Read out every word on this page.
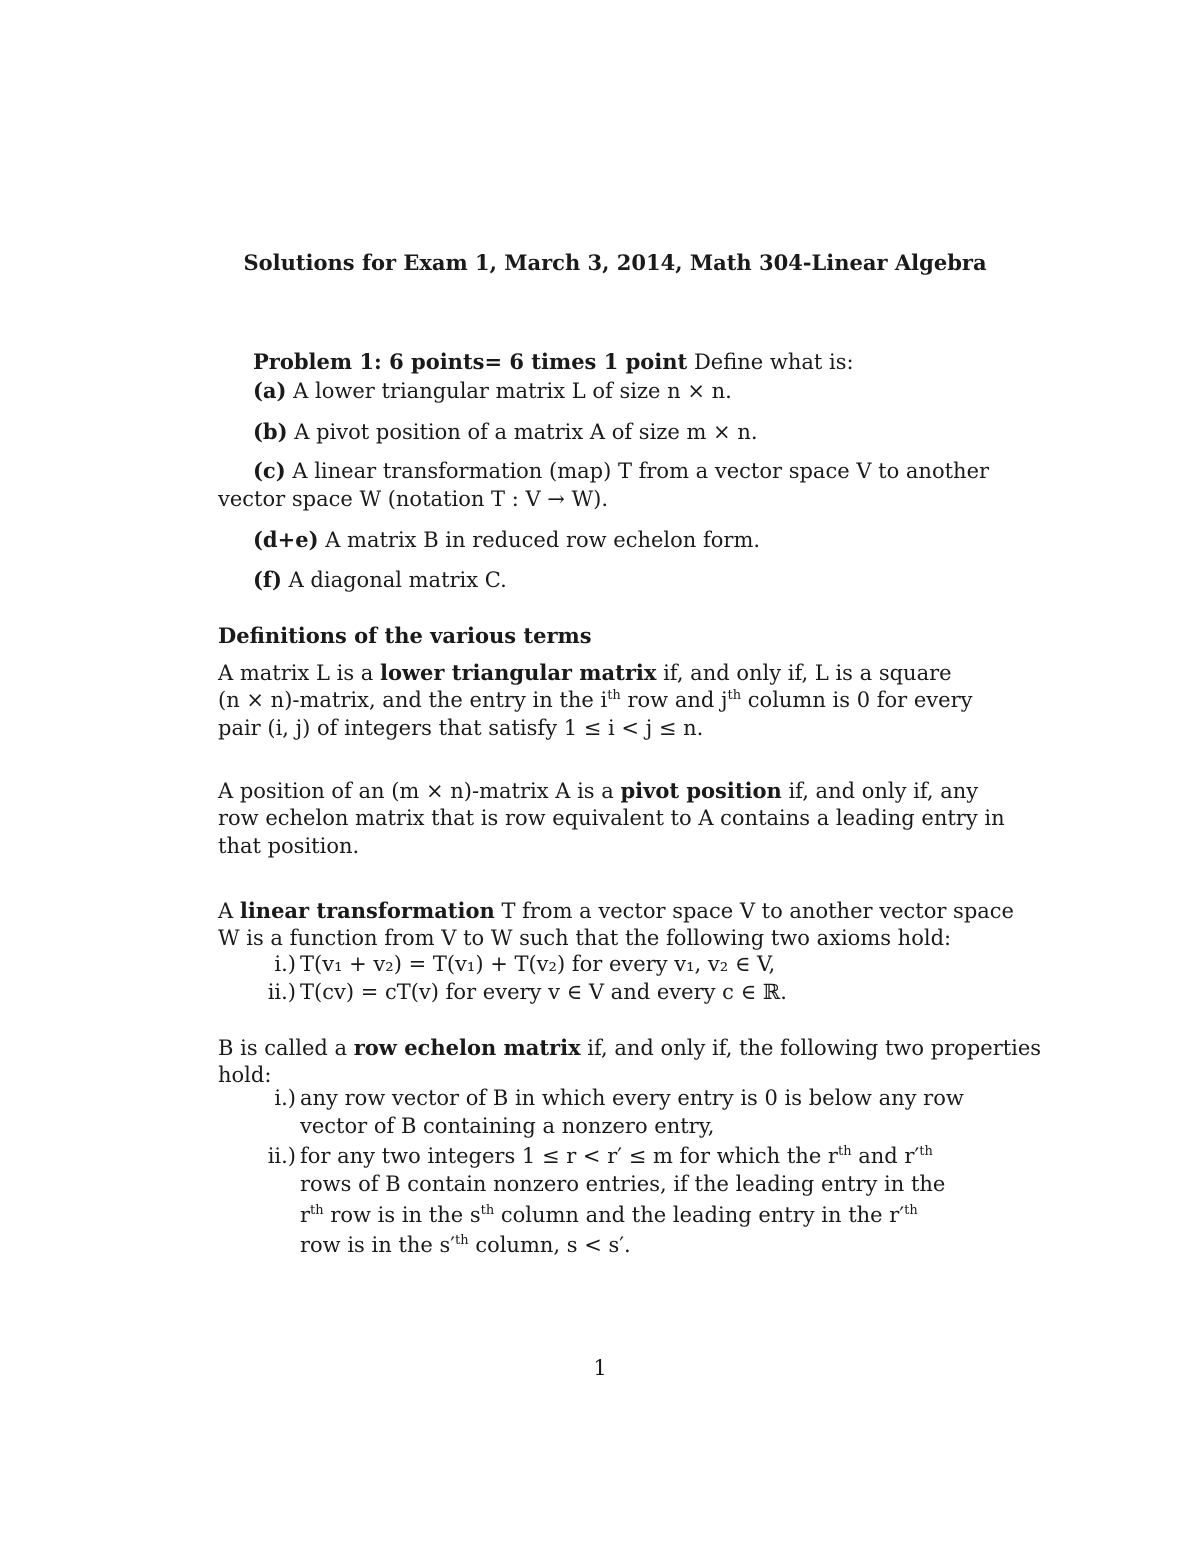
Solutions for Exam 1, March 3, 2014, Math 304-Linear Algebra
Problem 1: 6 points= 6 times 1 point Define what is:
(a) A lower triangular matrix L of size n × n.
(b) A pivot position of a matrix A of size m × n.
(c) A linear transformation (map) T from a vector space V to another
vector space W (notation T : V → W).
(d+e) A matrix B in reduced row echelon form.
(f) A diagonal matrix C.
Definitions of the various terms
A matrix L is a lower triangular matrix if, and only if, L is a square
(n × n)-matrix, and the entry in the $i^{th}$ row and $j^{th}$ column is 0 for every
pair (i, j) of integers that satisfy 1 ≤ i < j ≤ n.
A position of an (m × n)-matrix A is a pivot position if, and only if, any
row echelon matrix that is row equivalent to A contains a leading entry in
that position.
A linear transformation T from a vector space V to another vector space
W is a function from V to W such that the following two axioms hold:
i.) T(v₁ + v₂) = T(v₁) + T(v₂) for every v₁, v₂ ∈ V,
ii.) T(cv) = cT(v) for every v ∈ V and every c ∈ ℝ.
B is called a row echelon matrix if, and only if, the following two properties
hold:
i.) any row vector of B in which every entry is 0 is below any row
vector of B containing a nonzero entry,
ii.) for any two integers 1 ≤ r < r′ ≤ m for which the $r^{th}$ and $r'^{th}$
rows of B contain nonzero entries, if the leading entry in the
$r^{th}$ row is in the $s^{th}$ column and the leading entry in the $r'^{th}$
row is in the $s'^{th}$ column, s < s′.
1
